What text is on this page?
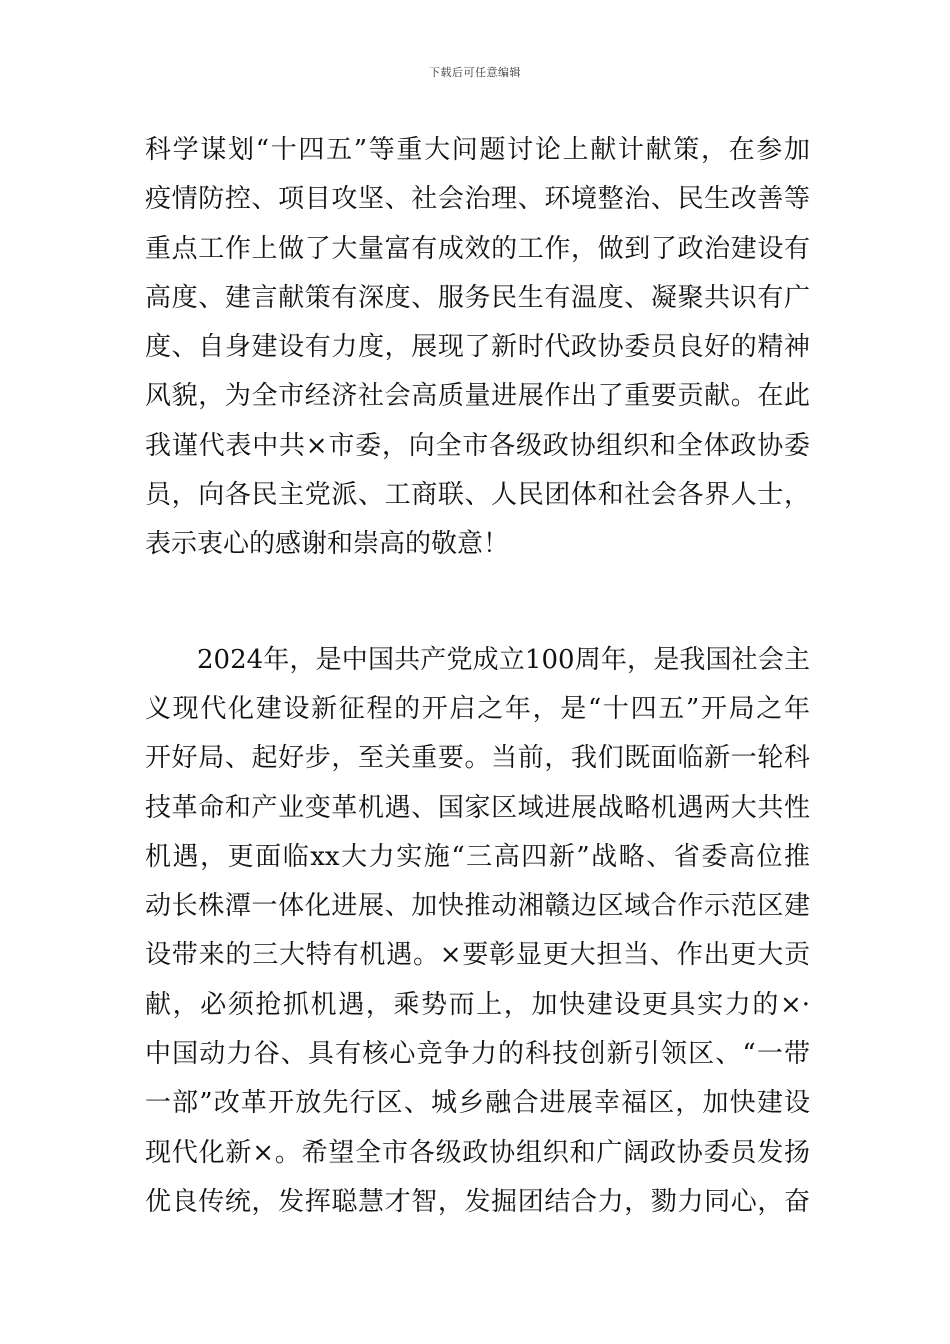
下载后可任意编辑
科学谋划“十四五”等重大问题讨论上献计献策，在参加
疫情防控、项目攻坚、社会治理、环境整治、民生改善等
重点工作上做了大量富有成效的工作，做到了政治建设有
高度、建言献策有深度、服务民生有温度、凝聚共识有广
度、自身建设有力度，展现了新时代政协委员良好的精神
风貌，为全市经济社会高质量进展作出了重要贡献。在此
我谨代表中共×市委，向全市各级政协组织和全体政协委
员，向各民主党派、工商联、人民团体和社会各界人士，
表示衷心的感谢和崇高的敬意！
2024年，是中国共产党成立100周年，是我国社会主
义现代化建设新征程的开启之年，是“十四五”开局之年
开好局、起好步，至关重要。当前，我们既面临新一轮科
技革命和产业变革机遇、国家区域进展战略机遇两大共性
机遇，更面临xx大力实施“三高四新”战略、省委高位推
动长株潭一体化进展、加快推动湘赣边区域合作示范区建
设带来的三大特有机遇。×要彰显更大担当、作出更大贡
献，必须抢抓机遇，乘势而上，加快建设更具实力的×·
中国动力谷、具有核心竞争力的科技创新引领区、“一带
一部”改革开放先行区、城乡融合进展幸福区，加快建设
现代化新×。希望全市各级政协组织和广阔政协委员发扬
优良传统，发挥聪慧才智，发掘团结合力，勠力同心，奋
